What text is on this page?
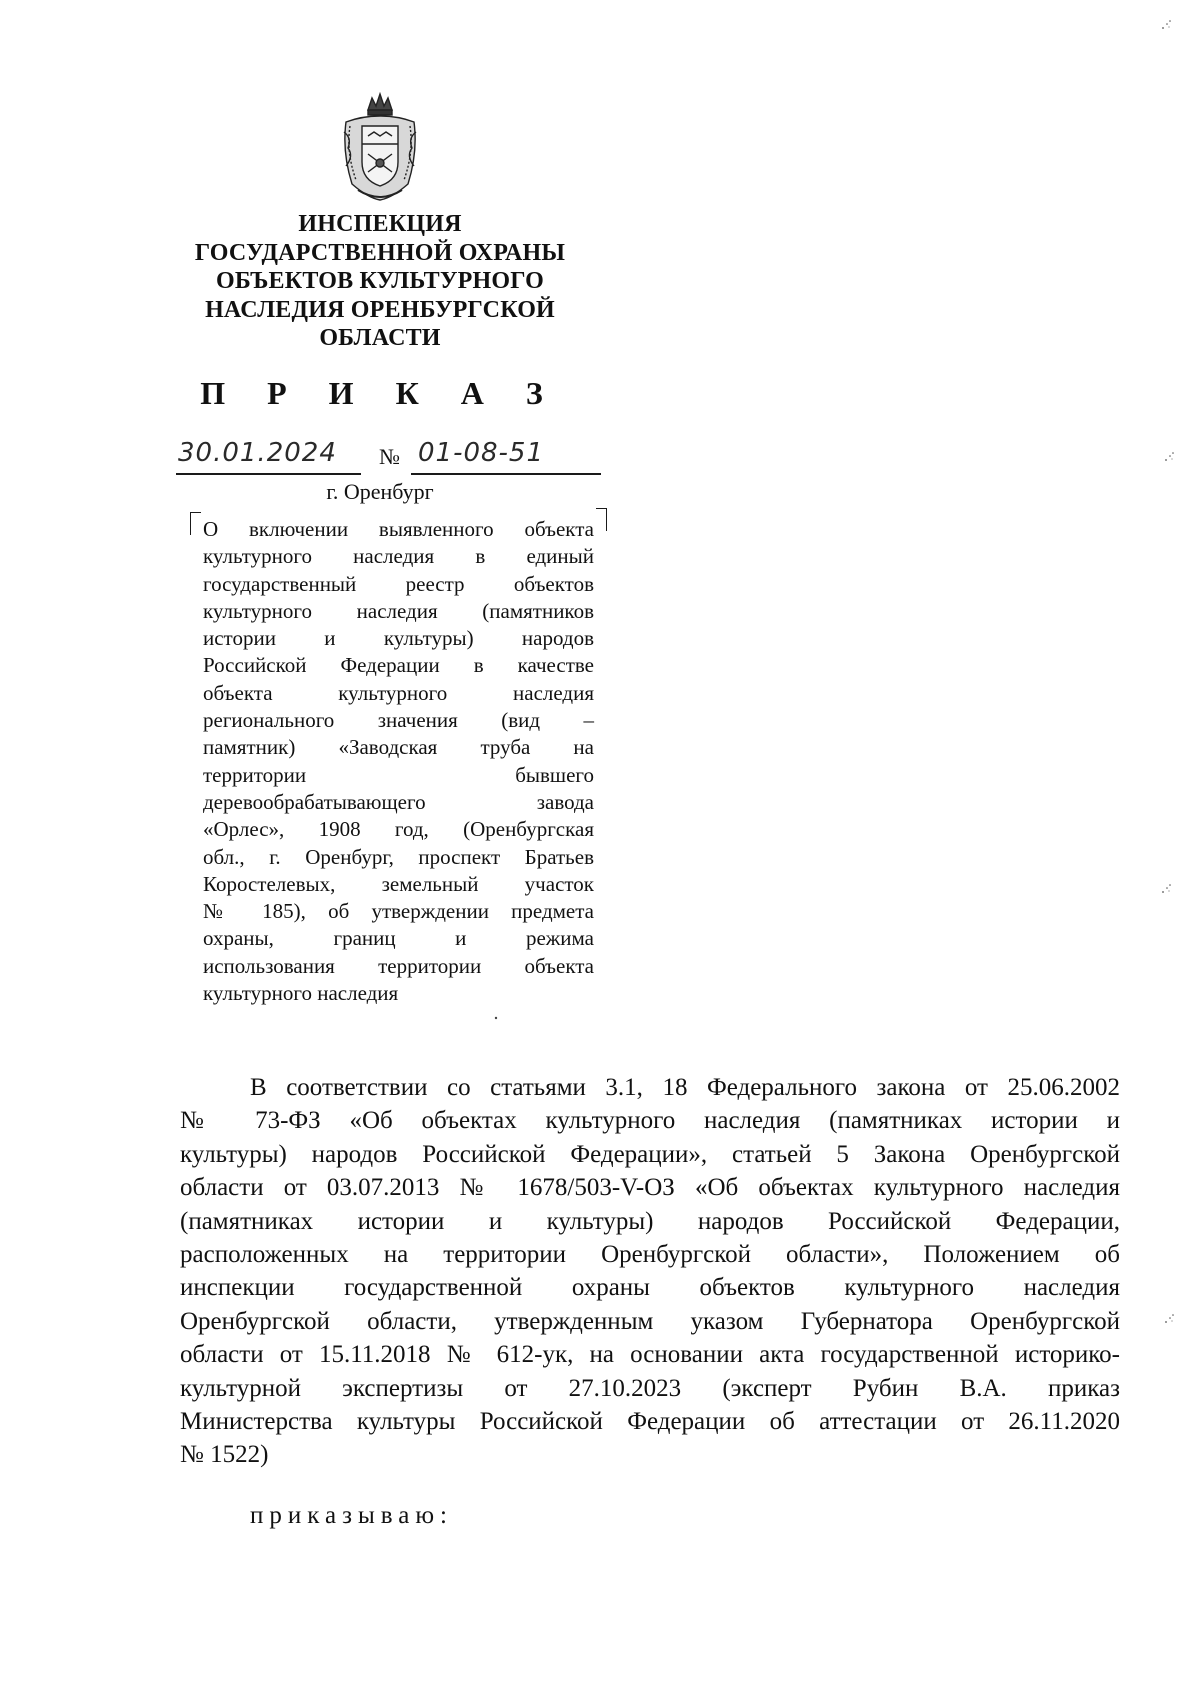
ИНСПЕКЦИЯ
ГОСУДАРСТВЕННОЙ ОХРАНЫ
ОБЪЕКТОВ КУЛЬТУРНОГО
НАСЛЕДИЯ ОРЕНБУРГСКОЙ
ОБЛАСТИ
П Р И К А З
30.01.2024 № 01-08-51
г. Оренбург
О включении выявленного объекта
культурного наследия в единый
государственный реестр объектов
культурного наследия (памятников
истории и культуры) народов
Российской Федерации в качестве
объекта культурного наследия
регионального значения (вид –
памятник) «Заводская труба на
территории бывшего
деревообрабатывающего завода
«Орлес», 1908 год, (Оренбургская
обл., г. Оренбург, проспект Братьев
Коростелевых, земельный участок
№ 185), об утверждении предмета
охраны, границ и режима
использования территории объекта
культурного наследия
В соответствии со статьями 3.1, 18 Федерального закона от 25.06.2002
№ 73-ФЗ «Об объектах культурного наследия (памятниках истории и
культуры) народов Российской Федерации», статьей 5 Закона Оренбургской
области от 03.07.2013 № 1678/503-V-ОЗ «Об объектах культурного наследия
(памятниках истории и культуры) народов Российской Федерации,
расположенных на территории Оренбургской области», Положением об
инспекции государственной охраны объектов культурного наследия
Оренбургской области, утвержденным указом Губернатора Оренбургской
области от 15.11.2018 № 612-ук, на основании акта государственной историко-
культурной экспертизы от 27.10.2023 (эксперт Рубин В.А. приказ
Министерства культуры Российской Федерации об аттестации от 26.11.2020
№ 1522)
приказываю:
